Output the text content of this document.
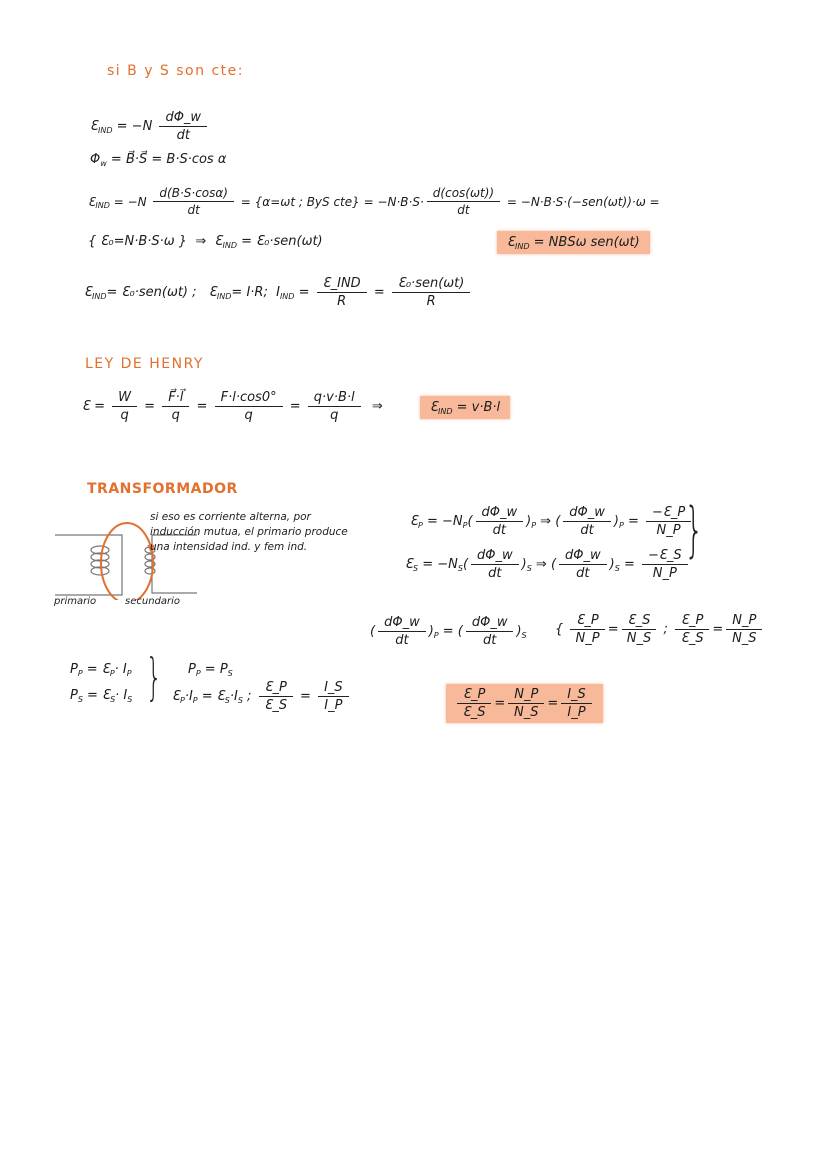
si B y S son cte:
Ɛ IND = $-N \frac{d\Phi\_w}{dt}$
Φ w = B⃗·S⃗ = B·S·cos α
Ɛ IND = $-N \frac{d(B\cdot S\cdot\cos\alpha)}{dt} = \{\alpha=\omega t$ ; ByS $cte\} = -N\cdot B\cdot S\cdot \frac{d(\cos(\omega t))}{dt} = -N\cdot B\cdot S\cdot(-sen(\omega t))\cdot\omega$ =
{ Ɛ₀=N·B·S·ω }  ⇒  Ɛ IND = Ɛ₀·sen(ωt)	Ɛ IND = NBSω sen(ωt)
Ɛ IND = Ɛ₀·sen(ωt) ;   Ɛ IND = I·R;  I IND = $\frac{\text{Ɛ\_IND}}{R} = \frac{\text{Ɛ₀·sen(ωt)}}{R}$
LEY DE HENRY
Ɛ = $\frac{W}{q} = \frac{F⃗\cdot l⃗}{q} = \frac{F\cdot l\cdot\cos 0^\circ}{q} = \frac{q\cdot v\cdot B\cdot l}{q}$ ⇒	Ɛ IND = v·B·l
TRANSFORMADOR
primario	secundario
si eso es corriente alterna, por inducción mutua, el primario produce una intensidad ind. y fem ind.
Ɛ P = −N P ( $\frac{d\Phi\_w}{dt}$ ) P ⇒ ( $\frac{d\Phi\_w}{dt}$ ) $P = \frac{-Ɛ\_P}{N\_P}$
Ɛ S = −N S ( $\frac{d\Phi\_w}{dt}$ ) S ⇒ ( $\frac{d\Phi\_w}{dt}$ ) $S = \frac{-Ɛ\_S}{N\_P}$
}
( $\frac{d\Phi\_w}{dt}$ ) P = ( $\frac{d\Phi\_w}{dt}$ ) S { $\frac{Ɛ\_P}{N\_P} = \frac{Ɛ\_S}{N\_S}$ ; $\frac{Ɛ\_P}{Ɛ\_S} = \frac{N\_P}{N\_S}$
P P = Ɛ P · I P
P S = Ɛ S · I S } P P = P S
Ɛ P ·I P = Ɛ S ·I S ; $\frac{Ɛ\_P}{Ɛ\_S} = \frac{I\_S}{I\_P}$	$\frac{Ɛ\_P}{Ɛ\_S} = \frac{N\_P}{N\_S} = \frac{I\_S}{I\_P}$
